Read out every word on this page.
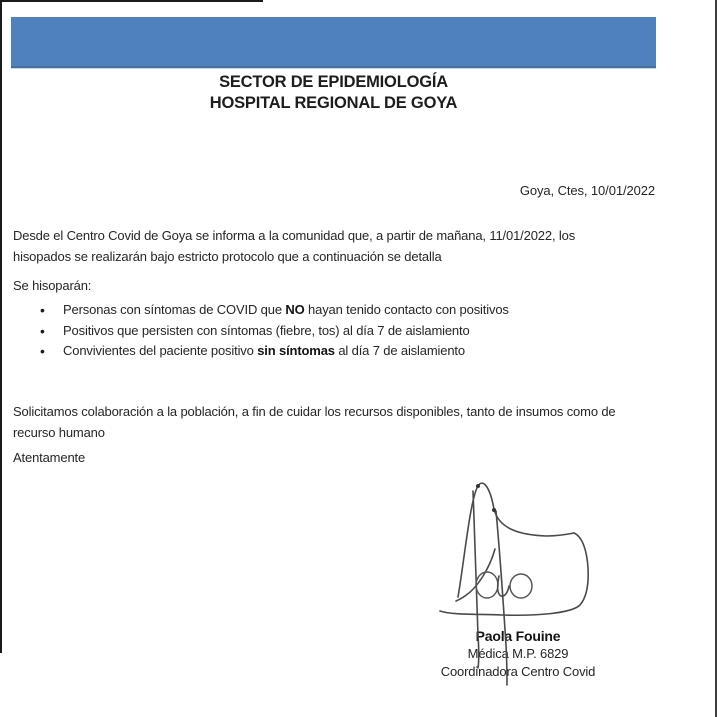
SECTOR DE EPIDEMIOLOGÍA
HOSPITAL REGIONAL DE GOYA
Goya, Ctes, 10/01/2022
Desde el Centro Covid de Goya se informa a la comunidad que, a partir de mañana, 11/01/2022, los
hisopados se realizarán bajo estricto protocolo que a continuación se detalla
Se hisoparán:
• Personas con síntomas de COVID que NO hayan tenido contacto con positivos
• Positivos que persisten con síntomas (fiebre, tos) al día 7 de aislamiento
• Convivientes del paciente positivo sin síntomas al día 7 de aislamiento
Solicitamos colaboración a la población, a fin de cuidar los recursos disponibles, tanto de insumos como de
recurso humano
Atentamente
Paola Fouine
Médica M.P. 6829
Coordinadora Centro Covid
